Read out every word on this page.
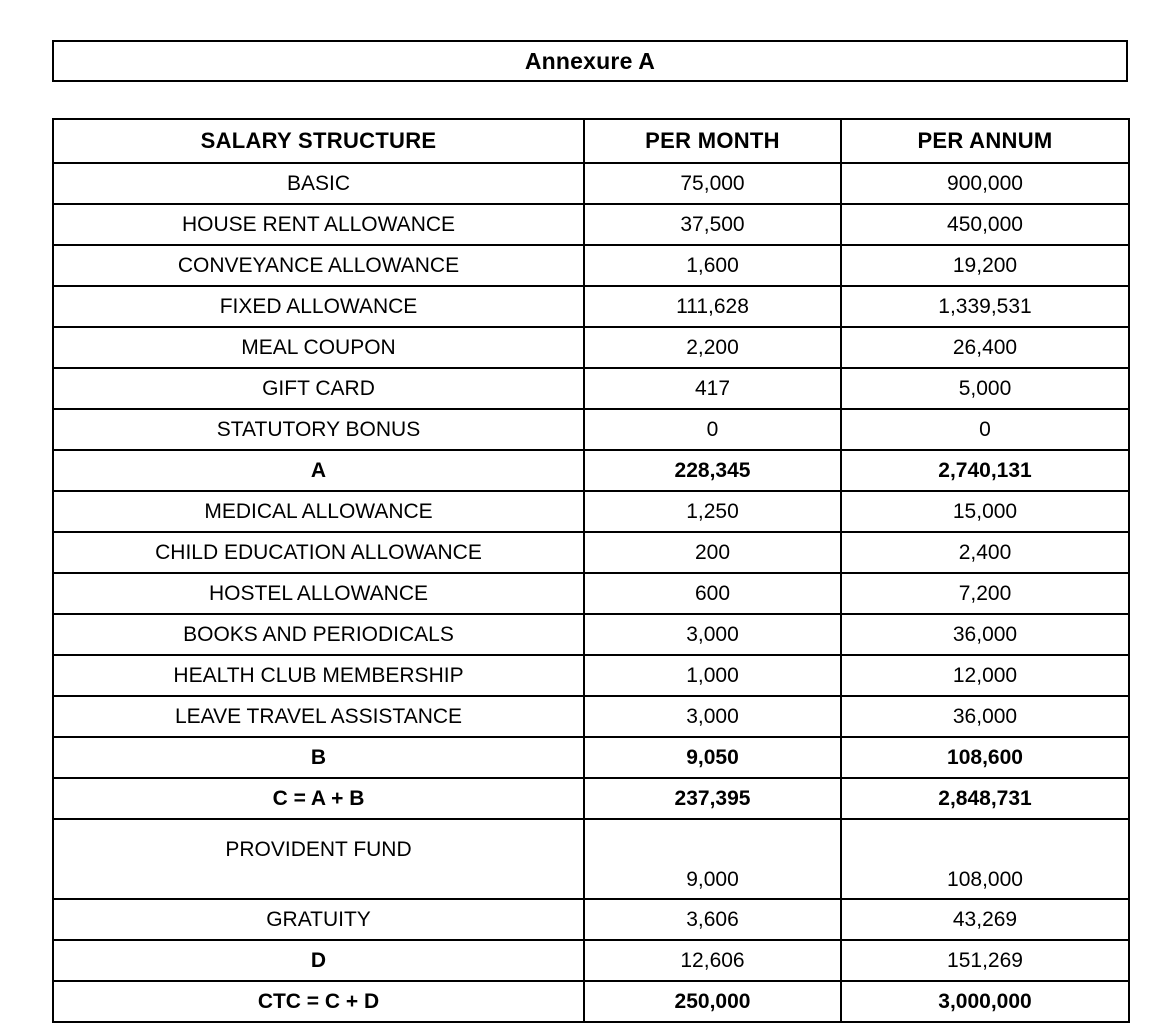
Annexure A
SALARY STRUCTURE	PER MONTH	PER ANNUM
BASIC	75,000	900,000
HOUSE RENT ALLOWANCE	37,500	450,000
CONVEYANCE ALLOWANCE	1,600	19,200
FIXED ALLOWANCE	111,628	1,339,531
MEAL COUPON	2,200	26,400
GIFT CARD	417	5,000
STATUTORY BONUS	0	0
A	228,345	2,740,131
MEDICAL ALLOWANCE	1,250	15,000
CHILD EDUCATION ALLOWANCE	200	2,400
HOSTEL ALLOWANCE	600	7,200
BOOKS AND PERIODICALS	3,000	36,000
HEALTH CLUB MEMBERSHIP	1,000	12,000
LEAVE TRAVEL ASSISTANCE	3,000	36,000
B	9,050	108,600
C = A + B	237,395	2,848,731
PROVIDENT FUND	9,000	108,000
GRATUITY	3,606	43,269
D	12,606	151,269
CTC = C + D	250,000	3,000,000
